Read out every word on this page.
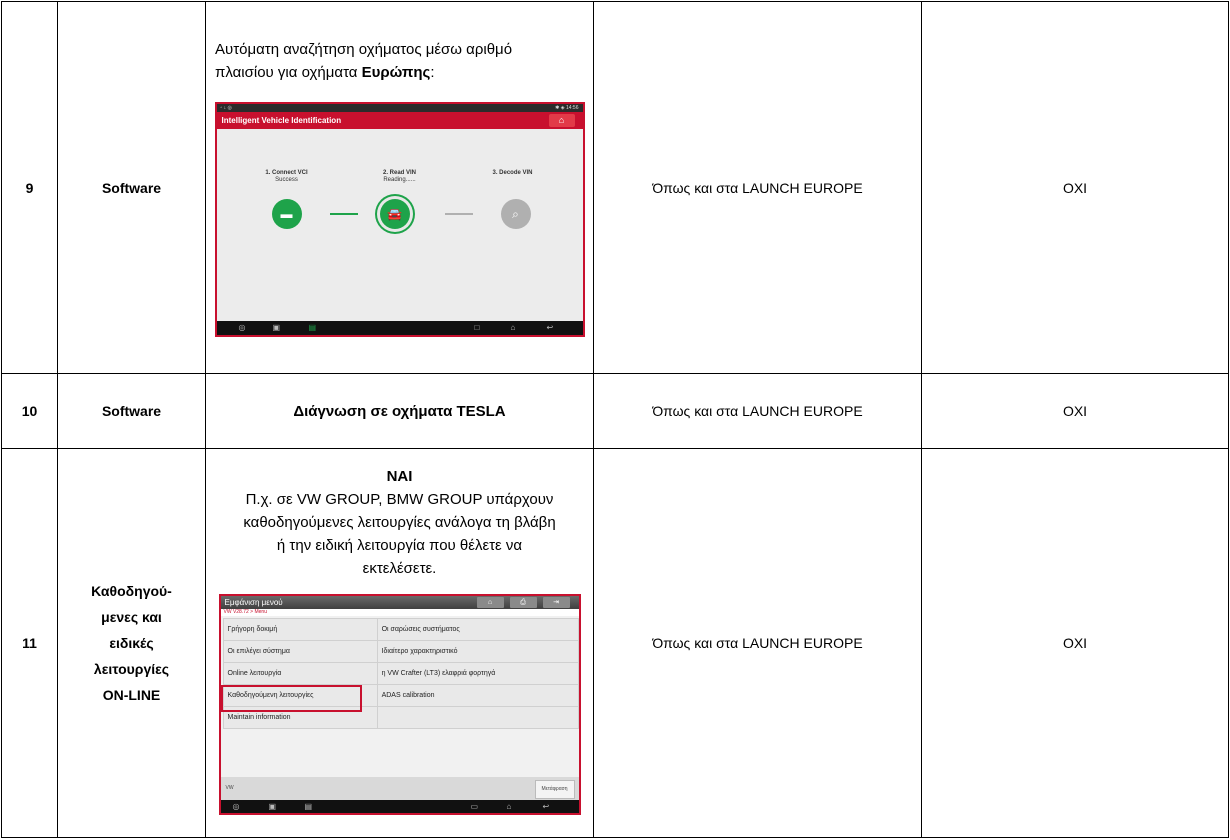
9	Software	
Αυτόματη αναζήτηση οχήματος μέσω αριθμό
πλαισίου για οχήματα Ευρώπης:
▫ ↓ ◎	✱ ◈ 14:56
Intelligent Vehicle Identification	⌂
1. Connect VCI
Success
2. Read VIN
Reading......
3. Decode VIN
▬	🚘	⌕
◎	▣	▤	□	⌂	↩
	Όπως και στα LAUNCH EUROPE	ΟΧΙ
10	Software	Διάγνωση σε οχήματα TESLA	Όπως και στα LAUNCH EUROPE	ΟΧΙ
11	Καθοδηγού-
μενες και
ειδικές
λειτουργίες
ON-LINE	
ΝΑΙ
Π.χ. σε VW GROUP, BMW GROUP υπάρχουν
καθοδηγούμενες λειτουργίες ανάλογα τη βλάβη
ή την ειδική λειτουργία που θέλετε να
εκτελέσετε.
Εμφάνιση μενού	⌂	⎙	⇥
VW V28.72 > Menu
Γρήγορη δοκιμή	Οι σαρώσεις συστήματος
Οι επιλέγει σύστημα	Ιδιαίτερο χαρακτηριστικό
Online λειτουργία	η VW Crafter (LT3) ελαφριά φορτηγά
Καθοδηγούμενη λειτουργίες	ADAS calibration
Maintain information	
VW	Μετάφραση
◎	▣	▤	▭	⌂	↩
	Όπως και στα LAUNCH EUROPE	ΟΧΙ
